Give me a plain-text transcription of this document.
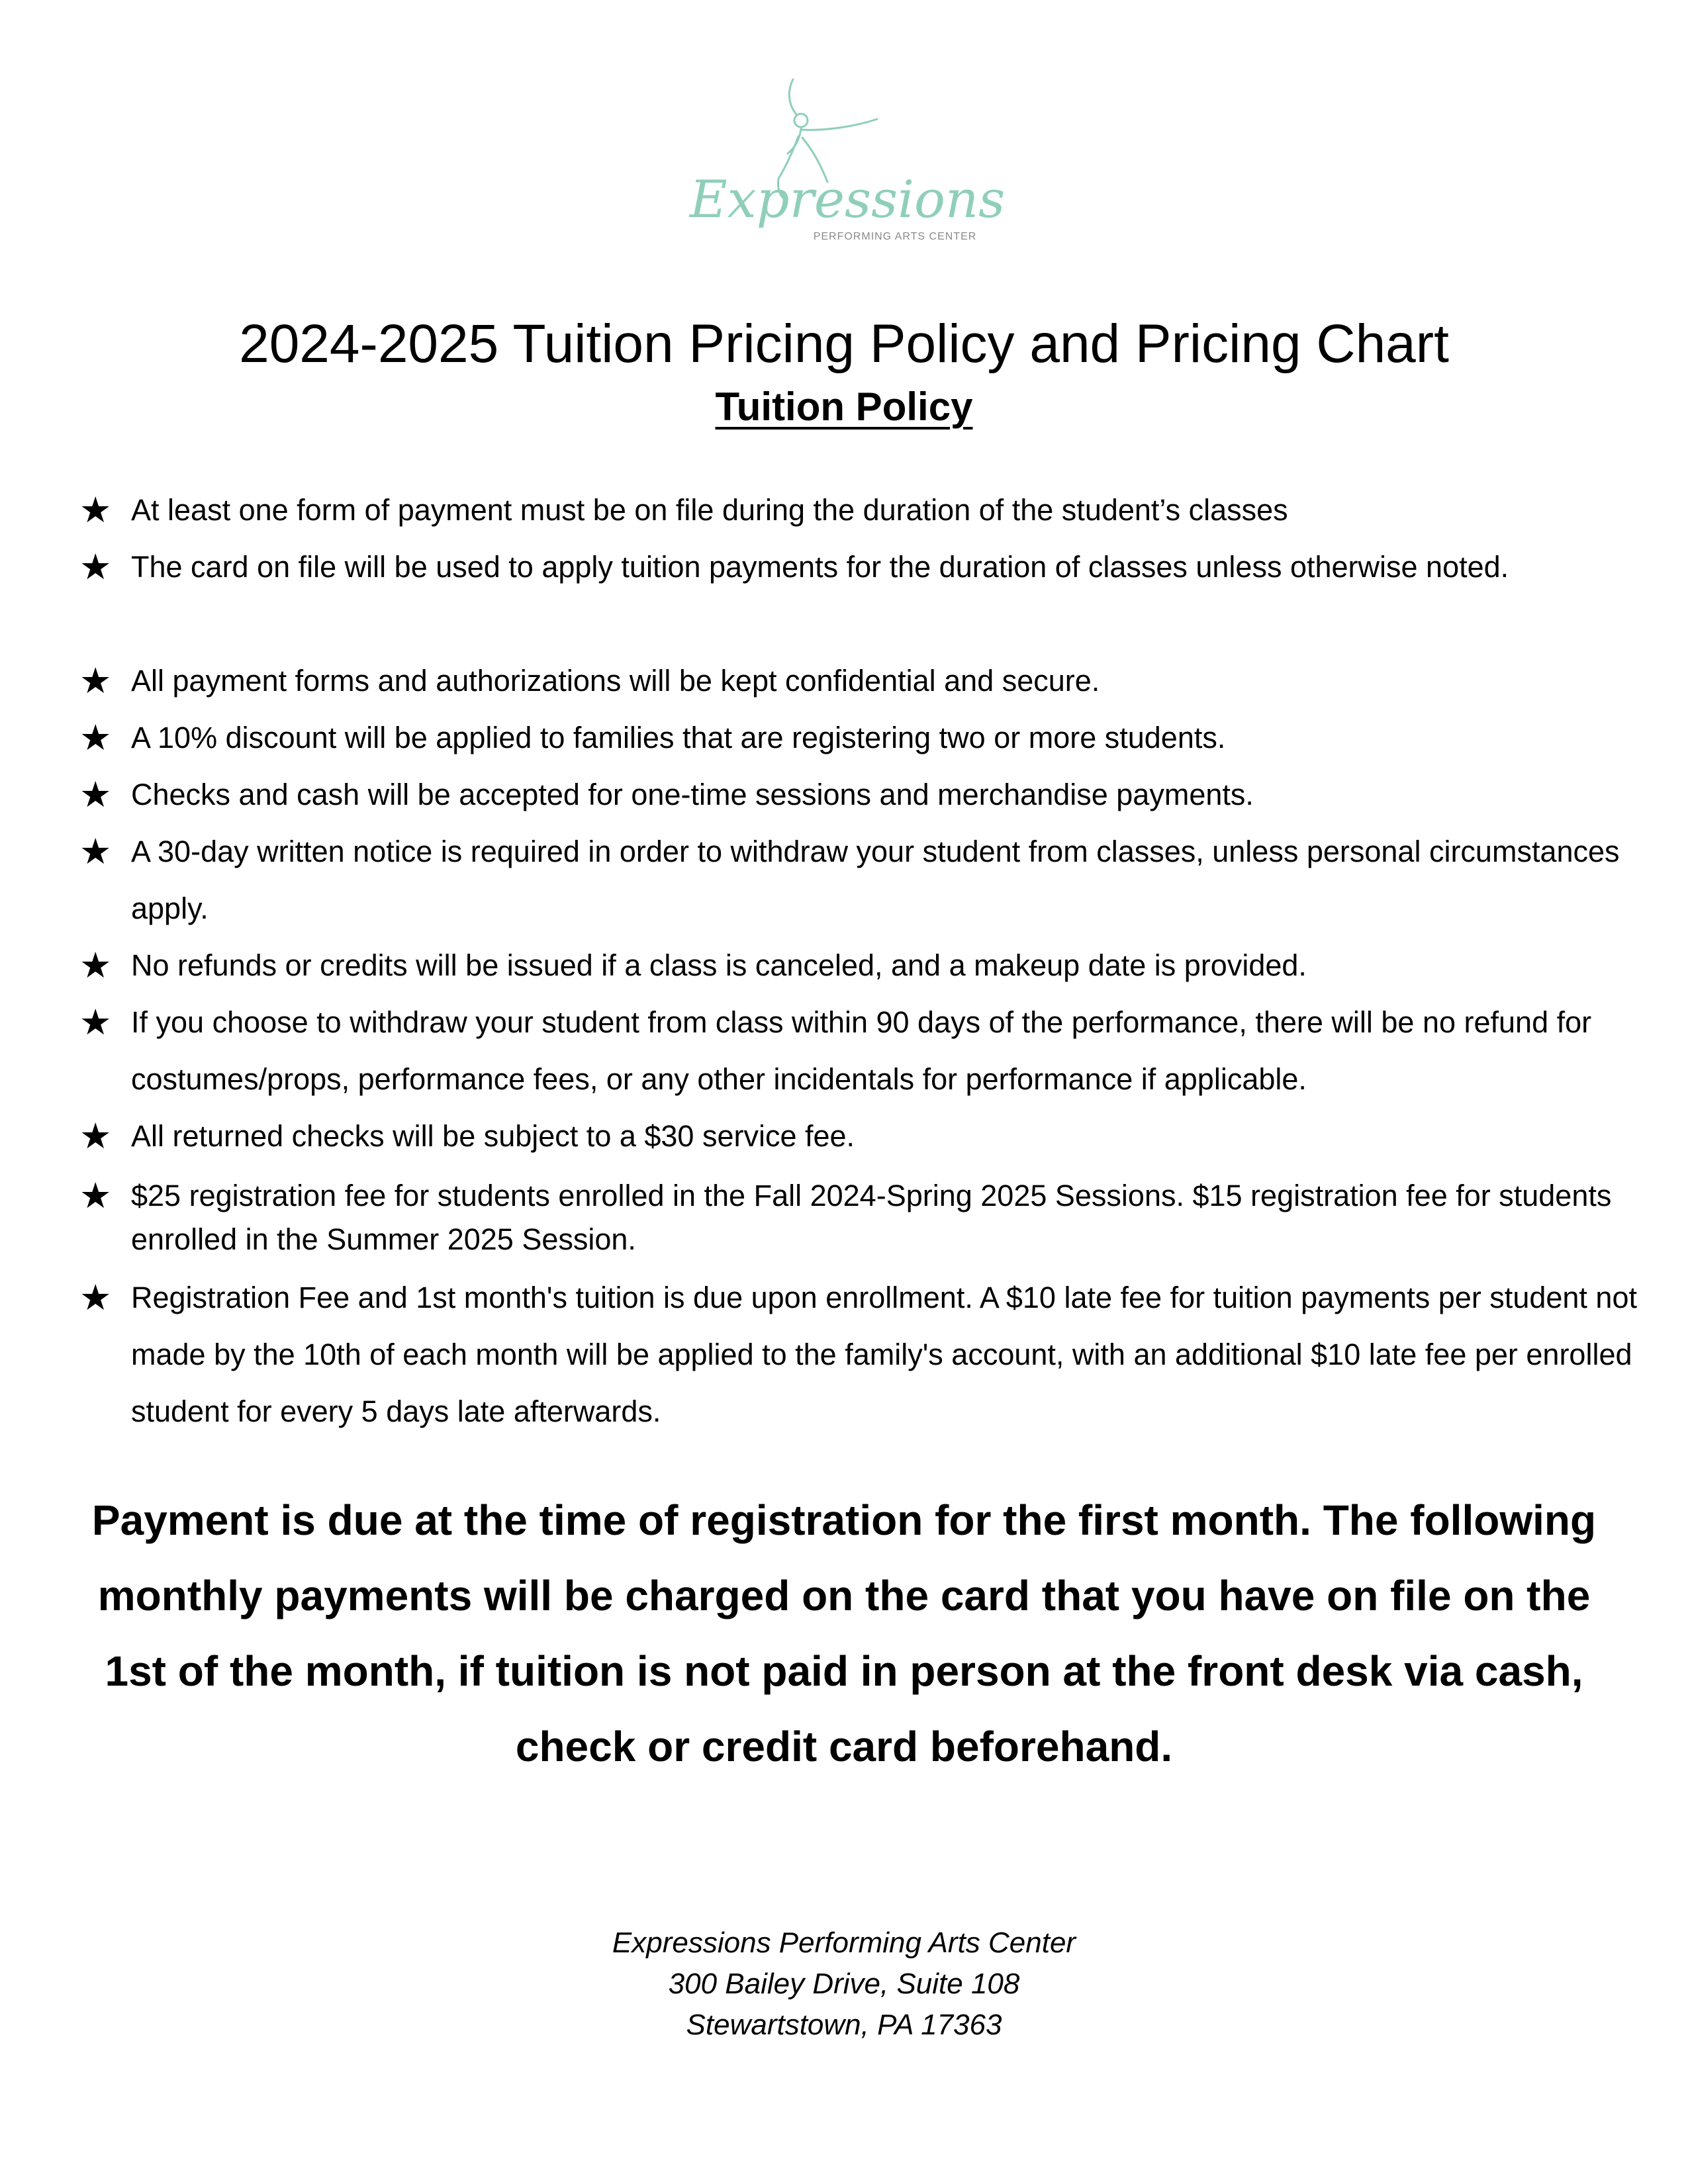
Expressions
PERFORMING ARTS CENTER
2024-2025 Tuition Pricing Policy and Pricing Chart
Tuition Policy
★ At least one form of payment must be on file during the duration of the student’s classes
★ The card on file will be used to apply tuition payments for the duration of classes unless otherwise noted.
★ All payment forms and authorizations will be kept confidential and secure.
★ A 10% discount will be applied to families that are registering two or more students.
★ Checks and cash will be accepted for one-time sessions and merchandise payments.
★ A 30-day written notice is required in order to withdraw your student from classes, unless personal circumstances apply.
★ No refunds or credits will be issued if a class is canceled, and a makeup date is provided.
★ If you choose to withdraw your student from class within 90 days of the performance, there will be no refund for costumes/props, performance fees, or any other incidentals for performance if applicable.
★ All returned checks will be subject to a $30 service fee.
★ $25 registration fee for students enrolled in the Fall 2024-Spring 2025 Sessions. $15 registration fee for students enrolled in the Summer 2025 Session.
★ Registration Fee and 1st month's tuition is due upon enrollment. A $10 late fee for tuition payments per student not made by the 10th of each month will be applied to the family's account, with an additional $10 late fee per enrolled student for every 5 days late afterwards.

Payment is due at the time of registration for the first month. The following monthly payments will be charged on the card that you have on file on the 1st of the month, if tuition is not paid in person at the front desk via cash, check or credit card beforehand.

Expressions Performing Arts Center
300 Bailey Drive, Suite 108
Stewartstown, PA 17363
